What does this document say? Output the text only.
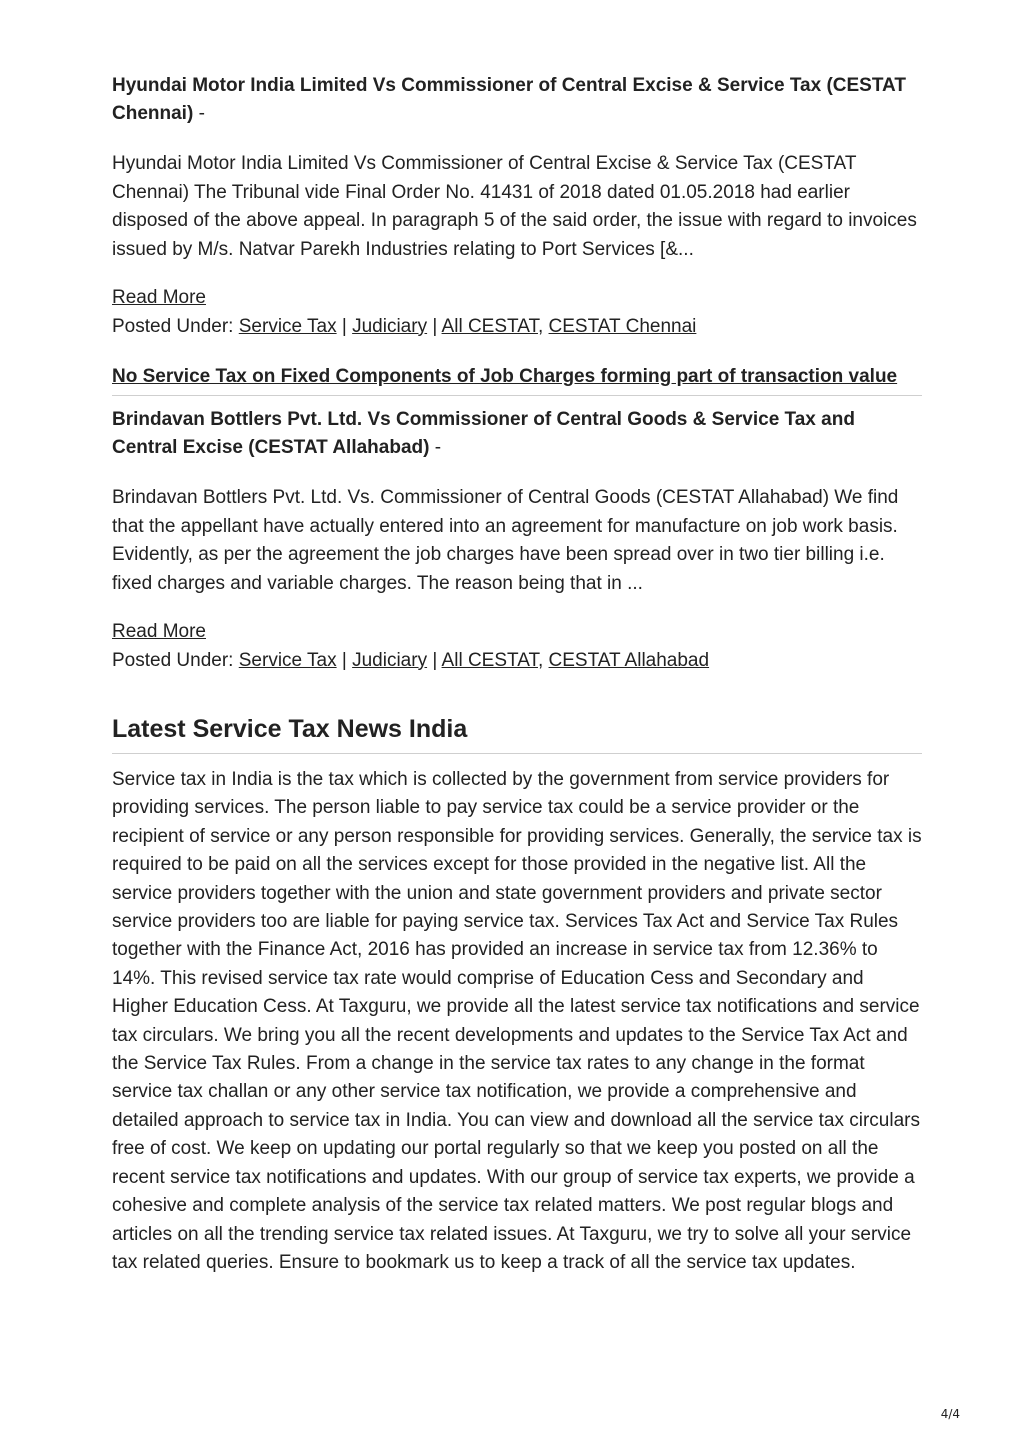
Hyundai Motor India Limited Vs Commissioner of Central Excise & Service Tax (CESTAT Chennai) -

Hyundai Motor India Limited Vs Commissioner of Central Excise & Service Tax (CESTAT Chennai) The Tribunal vide Final Order No. 41431 of 2018 dated 01.05.2018 had earlier disposed of the above appeal. In paragraph 5 of the said order, the issue with regard to invoices issued by M/s. Natvar Parekh Industries relating to Port Services [&...

Read More
Posted Under: Service Tax | Judiciary | All CESTAT, CESTAT Chennai
No Service Tax on Fixed Components of Job Charges forming part of transaction value

Brindavan Bottlers Pvt. Ltd. Vs Commissioner of Central Goods & Service Tax and Central Excise (CESTAT Allahabad) -

Brindavan Bottlers Pvt. Ltd. Vs. Commissioner of Central Goods (CESTAT Allahabad) We find that the appellant have actually entered into an agreement for manufacture on job work basis. Evidently, as per the agreement the job charges have been spread over in two tier billing i.e. fixed charges and variable charges. The reason being that in ...

Read More
Posted Under: Service Tax | Judiciary | All CESTAT, CESTAT Allahabad
Latest Service Tax News India

Service tax in India is the tax which is collected by the government from service providers for providing services. The person liable to pay service tax could be a service provider or the recipient of service or any person responsible for providing services. Generally, the service tax is required to be paid on all the services except for those provided in the negative list. All the service providers together with the union and state government providers and private sector service providers too are liable for paying service tax. Services Tax Act and Service Tax Rules together with the Finance Act, 2016 has provided an increase in service tax from 12.36% to 14%. This revised service tax rate would comprise of Education Cess and Secondary and Higher Education Cess. At Taxguru, we provide all the latest service tax notifications and service tax circulars. We bring you all the recent developments and updates to the Service Tax Act and the Service Tax Rules. From a change in the service tax rates to any change in the format service tax challan or any other service tax notification, we provide a comprehensive and detailed approach to service tax in India. You can view and download all the service tax circulars free of cost. We keep on updating our portal regularly so that we keep you posted on all the recent service tax notifications and updates. With our group of service tax experts, we provide a cohesive and complete analysis of the service tax related matters. We post regular blogs and articles on all the trending service tax related issues. At Taxguru, we try to solve all your service tax related queries. Ensure to bookmark us to keep a track of all the service tax updates.

4/4
